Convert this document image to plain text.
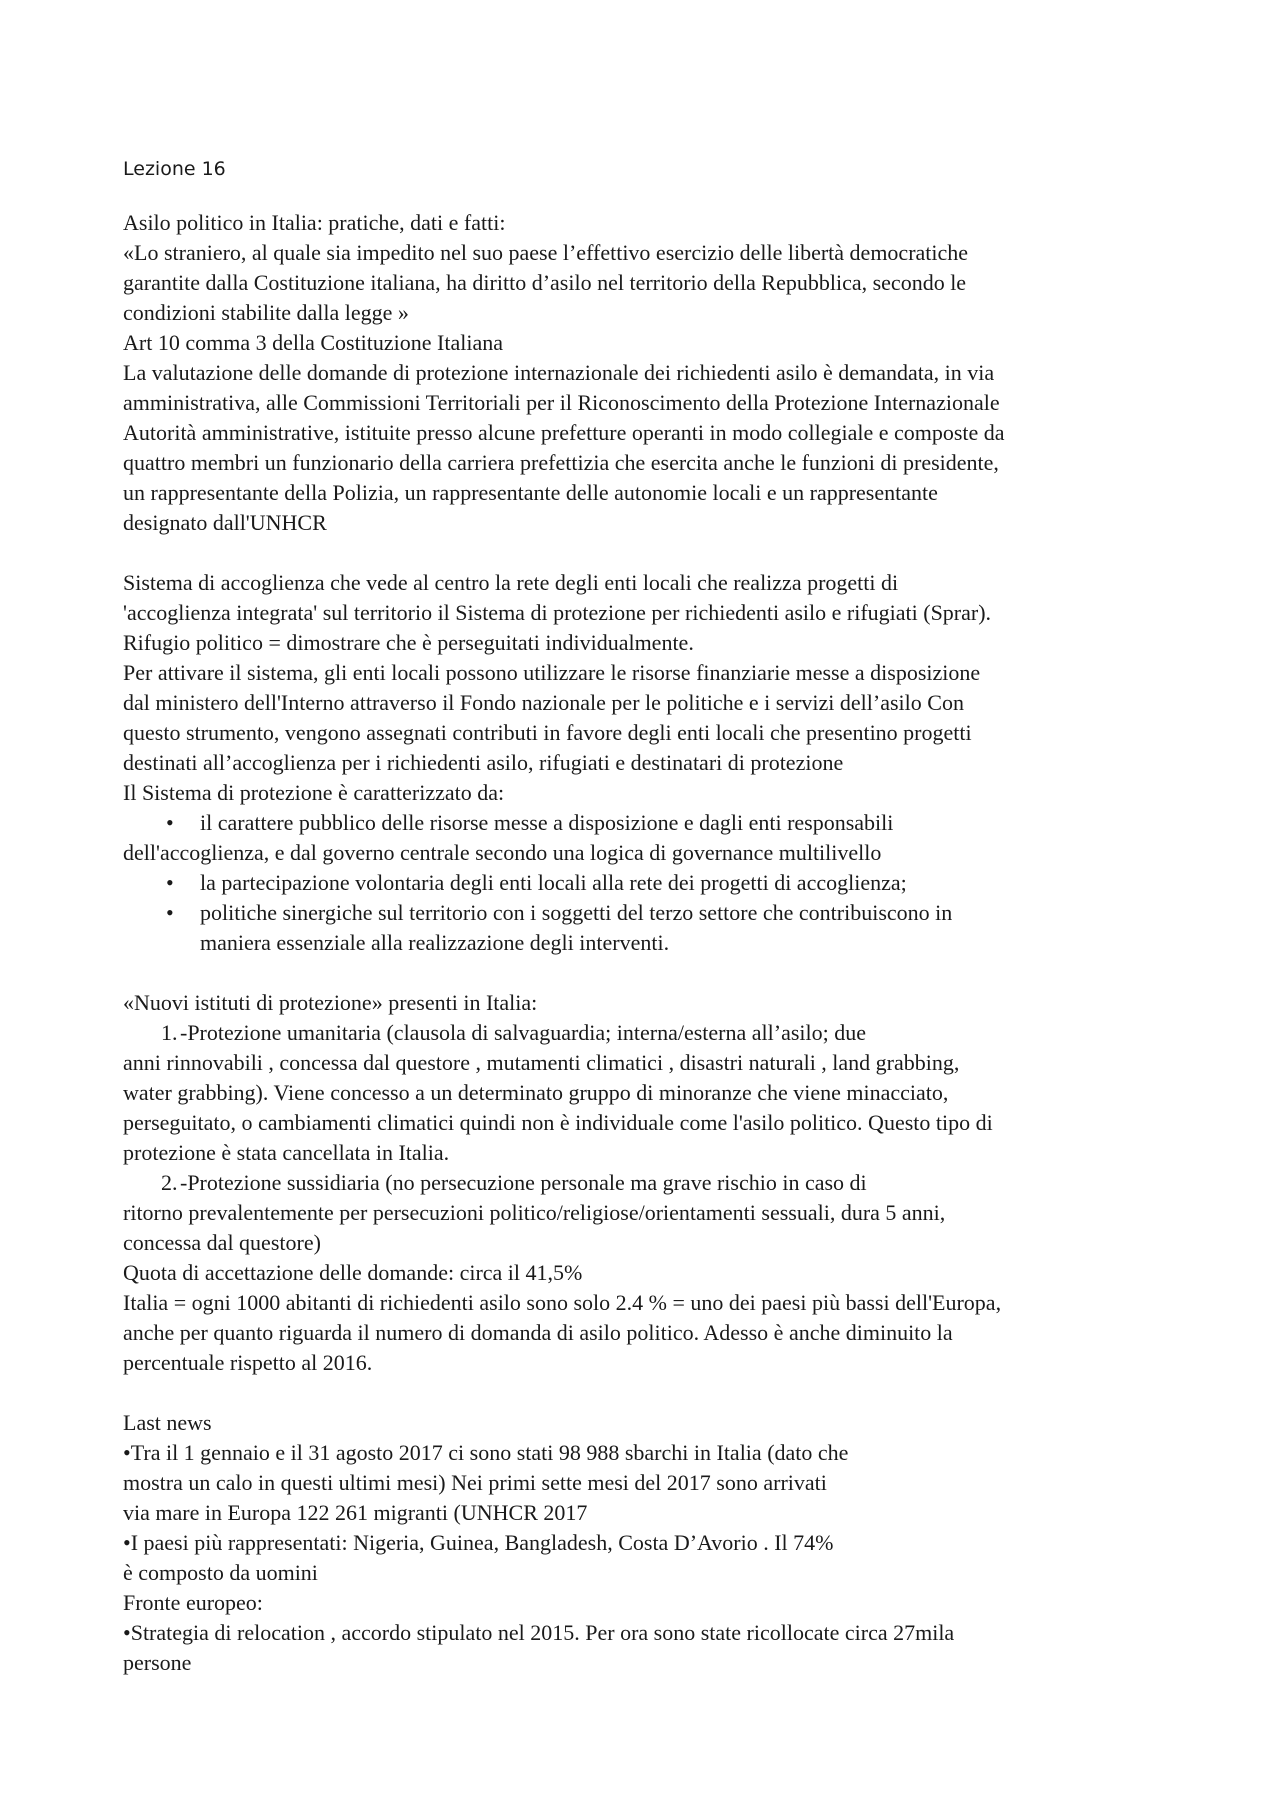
Lezione 16
Asilo politico in Italia: pratiche, dati e fatti:
«Lo straniero, al quale sia impedito nel suo paese l’effettivo esercizio delle libertà democratiche
garantite dalla Costituzione italiana, ha diritto d’asilo nel territorio della Repubblica, secondo le
condizioni stabilite dalla legge »
Art 10 comma 3 della Costituzione Italiana
La valutazione delle domande di protezione internazionale dei richiedenti asilo è demandata, in via
amministrativa, alle Commissioni Territoriali per il Riconoscimento della Protezione Internazionale
Autorità amministrative, istituite presso alcune prefetture operanti in modo collegiale e composte da
quattro membri un funzionario della carriera prefettizia che esercita anche le funzioni di presidente,
un rappresentante della Polizia, un rappresentante delle autonomie locali e un rappresentante
designato dall'UNHCR
Sistema di accoglienza che vede al centro la rete degli enti locali che realizza progetti di
'accoglienza integrata' sul territorio il Sistema di protezione per richiedenti asilo e rifugiati (Sprar).
Rifugio politico = dimostrare che è perseguitati individualmente.
Per attivare il sistema, gli enti locali possono utilizzare le risorse finanziarie messe a disposizione
dal ministero dell'Interno attraverso il Fondo nazionale per le politiche e i servizi dell’asilo Con
questo strumento, vengono assegnati contributi in favore degli enti locali che presentino progetti
destinati all’accoglienza per i richiedenti asilo, rifugiati e destinatari di protezione
Il Sistema di protezione è caratterizzato da:
• il carattere pubblico delle risorse messe a disposizione e dagli enti responsabili
dell'accoglienza, e dal governo centrale secondo una logica di governance multilivello
• la partecipazione volontaria degli enti locali alla rete dei progetti di accoglienza;
• politiche sinergiche sul territorio con i soggetti del terzo settore che contribuiscono in
maniera essenziale alla realizzazione degli interventi.
«Nuovi istituti di protezione» presenti in Italia:
1. -Protezione umanitaria (clausola di salvaguardia; interna/esterna all’asilo; due
anni rinnovabili , concessa dal questore , mutamenti climatici , disastri naturali , land grabbing,
water grabbing). Viene concesso a un determinato gruppo di minoranze che viene minacciato,
perseguitato, o cambiamenti climatici quindi non è individuale come l'asilo politico. Questo tipo di
protezione è stata cancellata in Italia.
2. -Protezione sussidiaria (no persecuzione personale ma grave rischio in caso di
ritorno prevalentemente per persecuzioni politico/religiose/orientamenti sessuali, dura 5 anni,
concessa dal questore)
Quota di accettazione delle domande: circa il 41,5%
Italia = ogni 1000 abitanti di richiedenti asilo sono solo 2.4 % = uno dei paesi più bassi dell'Europa,
anche per quanto riguarda il numero di domanda di asilo politico. Adesso è anche diminuito la
percentuale rispetto al 2016.
Last news
•Tra il 1 gennaio e il 31 agosto 2017 ci sono stati 98 988 sbarchi in Italia (dato che
mostra un calo in questi ultimi mesi) Nei primi sette mesi del 2017 sono arrivati
via mare in Europa 122 261 migranti (UNHCR 2017
•I paesi più rappresentati: Nigeria, Guinea, Bangladesh, Costa D’Avorio . Il 74%
è composto da uomini
Fronte europeo:
•Strategia di relocation , accordo stipulato nel 2015. Per ora sono state ricollocate circa 27mila
persone
